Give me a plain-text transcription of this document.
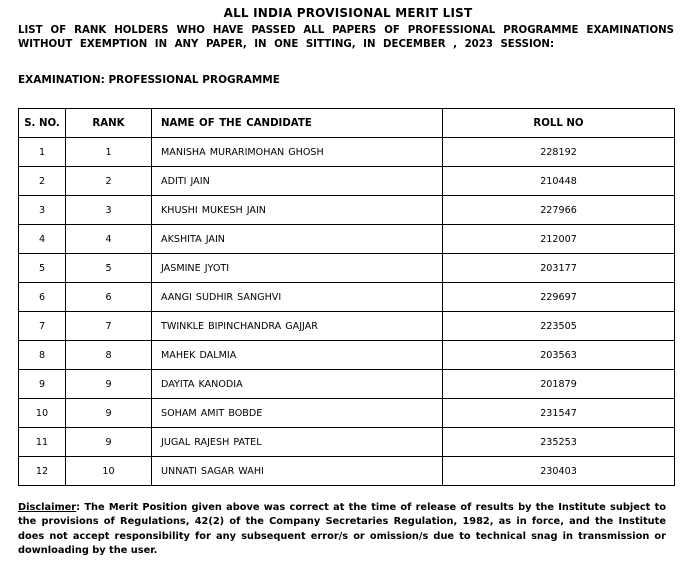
ALL INDIA PROVISIONAL MERIT LIST
LIST OF RANK HOLDERS WHO HAVE PASSED ALL PAPERS OF PROFESSIONAL PROGRAMME EXAMINATIONS WITHOUT EXEMPTION IN ANY PAPER, IN ONE SITTING, IN DECEMBER , 2023 SESSION:
EXAMINATION: PROFESSIONAL PROGRAMME
S. NO.	RANK	NAME OF THE CANDIDATE	ROLL NO
1	1	MANISHA MURARIMOHAN GHOSH	228192
2	2	ADITI JAIN	210448
3	3	KHUSHI MUKESH JAIN	227966
4	4	AKSHITA JAIN	212007
5	5	JASMINE JYOTI	203177
6	6	AANGI SUDHIR SANGHVI	229697
7	7	TWINKLE BIPINCHANDRA GAJJAR	223505
8	8	MAHEK DALMIA	203563
9	9	DAYITA KANODIA	201879
10	9	SOHAM AMIT BOBDE	231547
11	9	JUGAL RAJESH PATEL	235253
12	10	UNNATI SAGAR WAHI	230403
Disclaimer: The Merit Position given above was correct at the time of release of results by the Institute subject to the provisions of Regulations, 42(2) of the Company Secretaries Regulation, 1982, as in force, and the Institute does not accept responsibility for any subsequent error/s or omission/s due to technical snag in transmission or downloading by the user.
